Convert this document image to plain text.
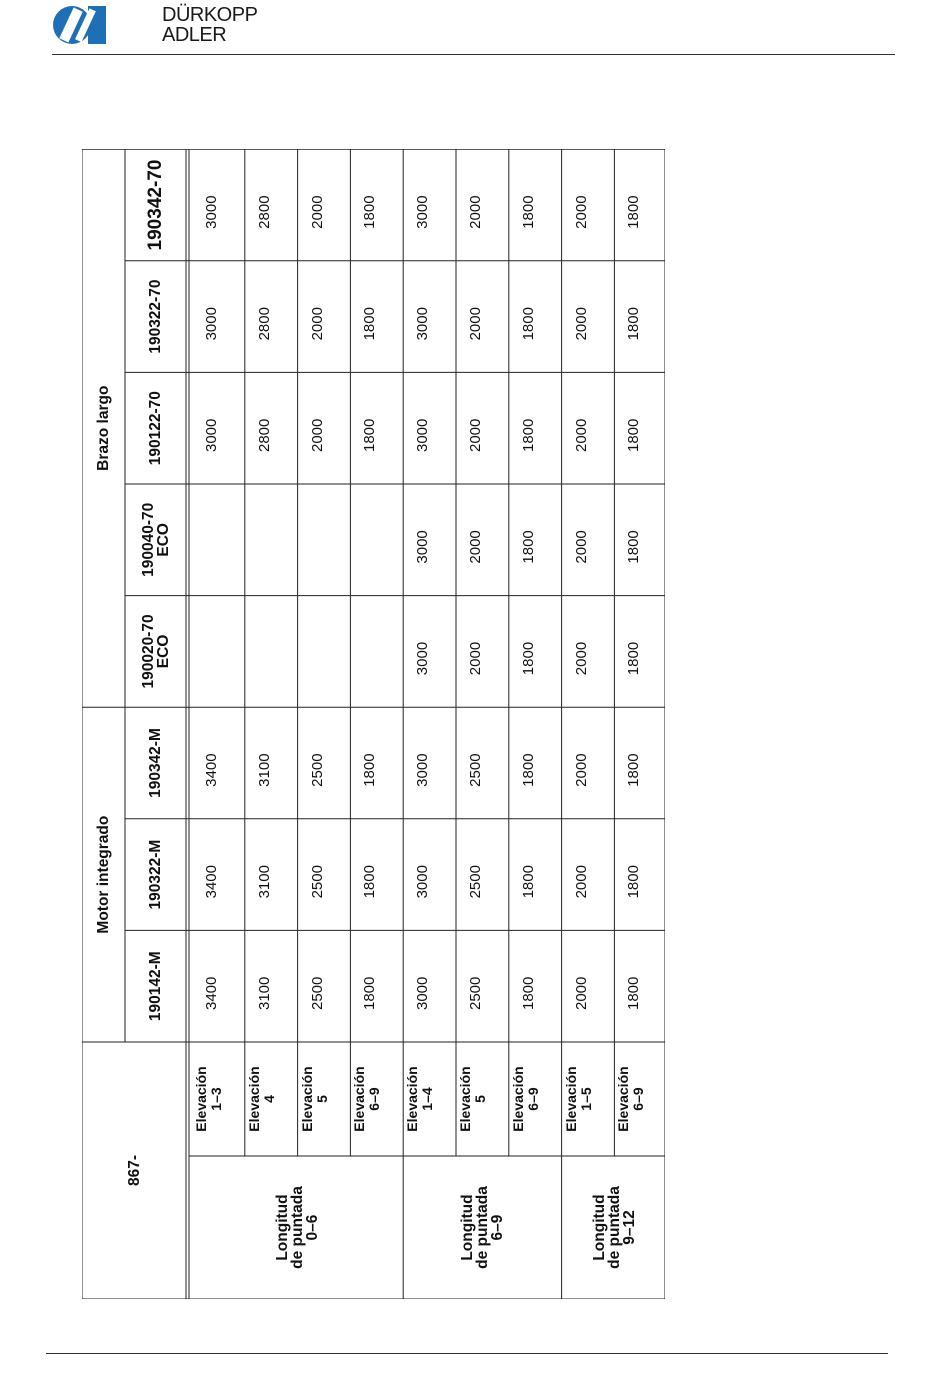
DÜRKOPP
ADLER
867-
Motor integrado
Brazo largo
190142-M
190322-M
190342-M
190020-70
ECO
190040-70
ECO
190122-70
190322-70
190342-70
Longitud
de puntada
0–6
Elevación
1–3
3400
3400
3400
3000
3000
3000
Elevación
4
3100
3100
3100
2800
2800
2800
Elevación
5
2500
2500
2500
2000
2000
2000
Elevación
6–9
1800
1800
1800
1800
1800
1800
Longitud
de puntada
6–9
Elevación
1–4
3000
3000
3000
3000
3000
3000
3000
3000
Elevación
5
2500
2500
2500
2000
2000
2000
2000
2000
Elevación
6–9
1800
1800
1800
1800
1800
1800
1800
1800
Longitud
de puntada
9–12
Elevación
1–5
2000
2000
2000
2000
2000
2000
2000
2000
Elevación
6–9
1800
1800
1800
1800
1800
1800
1800
1800
